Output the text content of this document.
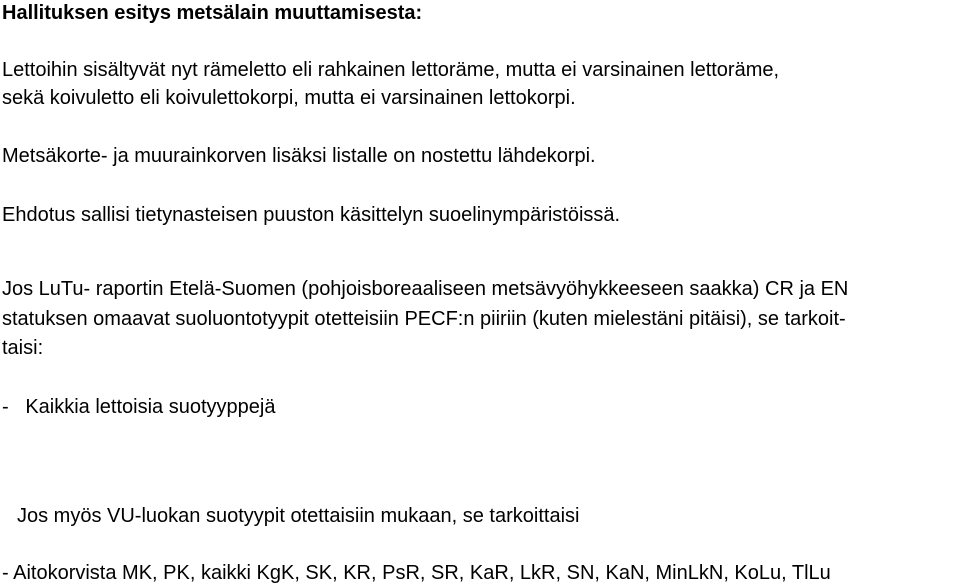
Hallituksen esitys metsälain muuttamisesta:
Lettoihin sisältyvät nyt rämeletto eli rahkainen lettoräme, mutta ei varsinainen lettoräme,
sekä koivuletto eli koivulettokorpi, mutta ei varsinainen lettokorpi.
Metsäkorte- ja muurainkorven lisäksi listalle on nostettu lähdekorpi.
Ehdotus sallisi tietynasteisen puuston käsittelyn suoelinympäristöissä.
Jos LuTu- raportin Etelä-Suomen (pohjoisboreaaliseen metsävyöhykkeeseen saakka) CR ja EN
statuksen omaavat suoluontotyypit otetteisiin PECF:n piiriin (kuten mielestäni pitäisi), se tarkoit-
taisi:
-   Kaikkia lettoisia suotyyppejä
Jos myös VU-luokan suotyypit otettaisiin mukaan, se tarkoittaisi
- Aitokorvista MK, PK, kaikki KgK, SK, KR, PsR, SR, KaR, LkR, SN, KaN, MinLkN, KoLu, TlLu
